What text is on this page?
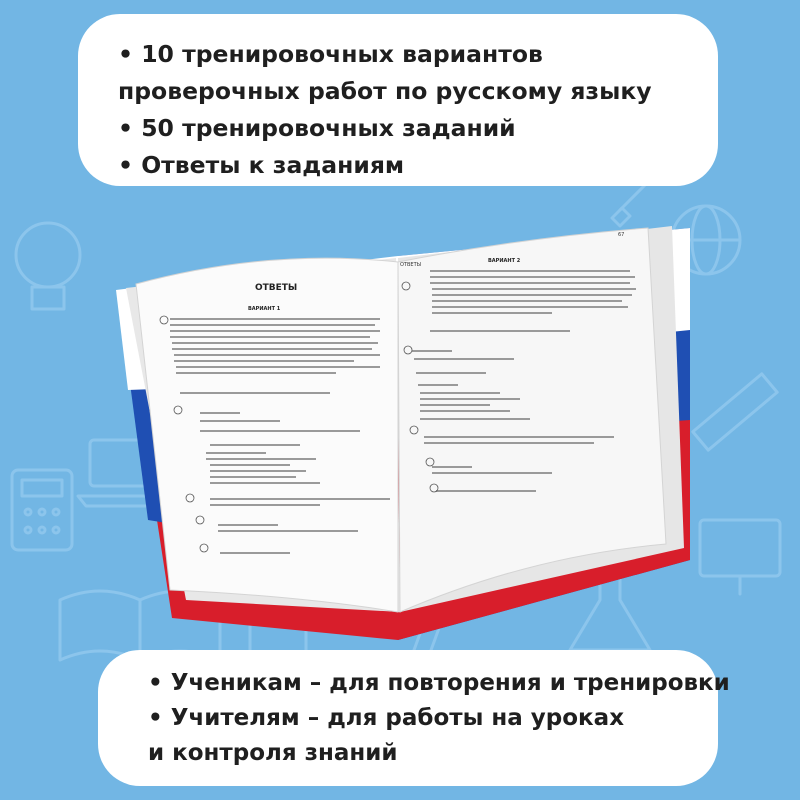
• 10 тренировочных вариантов
проверочных работ по русскому языку
• 50 тренировочных заданий
• Ответы к заданиям
ОТВЕТЫ
ВАРИАНТ 1
ОТВЕТЫ
67
ВАРИАНТ 2
• Ученикам – для повторения и тренировки
• Учителям – для работы на уроках
и контроля знаний
